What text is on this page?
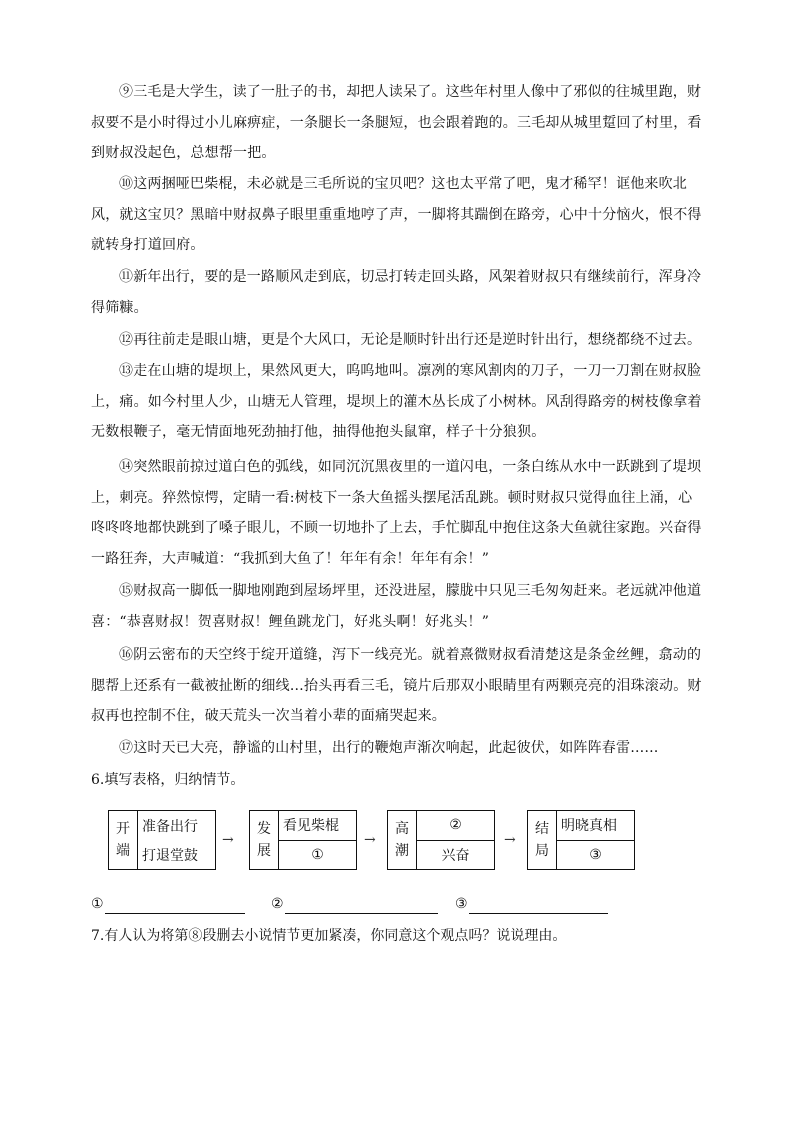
⑨三毛是大学生，读了一肚子的书，却把人读呆了。这些年村里人像中了邪似的往城里跑，财叔要不是小时得过小儿麻痹症，一条腿长一条腿短，也会跟着跑的。三毛却从城里踅回了村里，看到财叔没起色，总想帮一把。

⑩这两捆哑巴柴棍，未必就是三毛所说的宝贝吧？这也太平常了吧，鬼才稀罕！诓他来吹北风，就这宝贝？黑暗中财叔鼻子眼里重重地哼了声，一脚将其踹倒在路旁，心中十分恼火，恨不得就转身打道回府。

⑪新年出行，要的是一路顺风走到底，切忌打转走回头路，风架着财叔只有继续前行，浑身冷得筛糠。

⑫再往前走是眼山塘，更是个大风口，无论是顺时针出行还是逆时针出行，想绕都绕不过去。

⑬走在山塘的堤坝上，果然风更大，呜呜地叫。凛冽的寒风割肉的刀子，一刀一刀割在财叔脸上，痛。如今村里人少，山塘无人管理，堤坝上的灌木丛长成了小树林。风刮得路旁的树枝像拿着无数根鞭子，毫无情面地死劲抽打他，抽得他抱头鼠窜，样子十分狼狈。

⑭突然眼前掠过道白色的弧线，如同沉沉黑夜里的一道闪电，一条白练从水中一跃跳到了堤坝上，刺亮。猝然惊愕，定睛一看:树枝下一条大鱼摇头摆尾活乱跳。顿时财叔只觉得血往上涌，心咚咚咚地都快跳到了嗓子眼儿，不顾一切地扑了上去，手忙脚乱中抱住这条大鱼就往家跑。兴奋得一路狂奔，大声喊道：“我抓到大鱼了！年年有余！年年有余！”

⑮财叔高一脚低一脚地刚跑到屋场坪里，还没进屋，朦胧中只见三毛匆匆赶来。老远就冲他道喜：“恭喜财叔！贺喜财叔！鲤鱼跳龙门，好兆头啊！好兆头！”

⑯阴云密布的天空终于绽开道缝，泻下一线亮光。就着熹微财叔看清楚这是条金丝鲤，翕动的腮帮上还系有一截被扯断的细线…抬头再看三毛，镜片后那双小眼睛里有两颗亮亮的泪珠滚动。财叔再也控制不住，破天荒头一次当着小辈的面痛哭起来。

⑰这时天已大亮，静谧的山村里，出行的鞭炮声渐次响起，此起彼伏，如阵阵春雷……

6.填写表格，归纳情节。

开
端
准备出行
打退堂鼓
→
发
展
看见柴棍
①
→
高
潮
②
兴奋
→
结
局
明晓真相
③
①	②	③

7.有人认为将第⑧段删去小说情节更加紧凑，你同意这个观点吗？说说理由。
